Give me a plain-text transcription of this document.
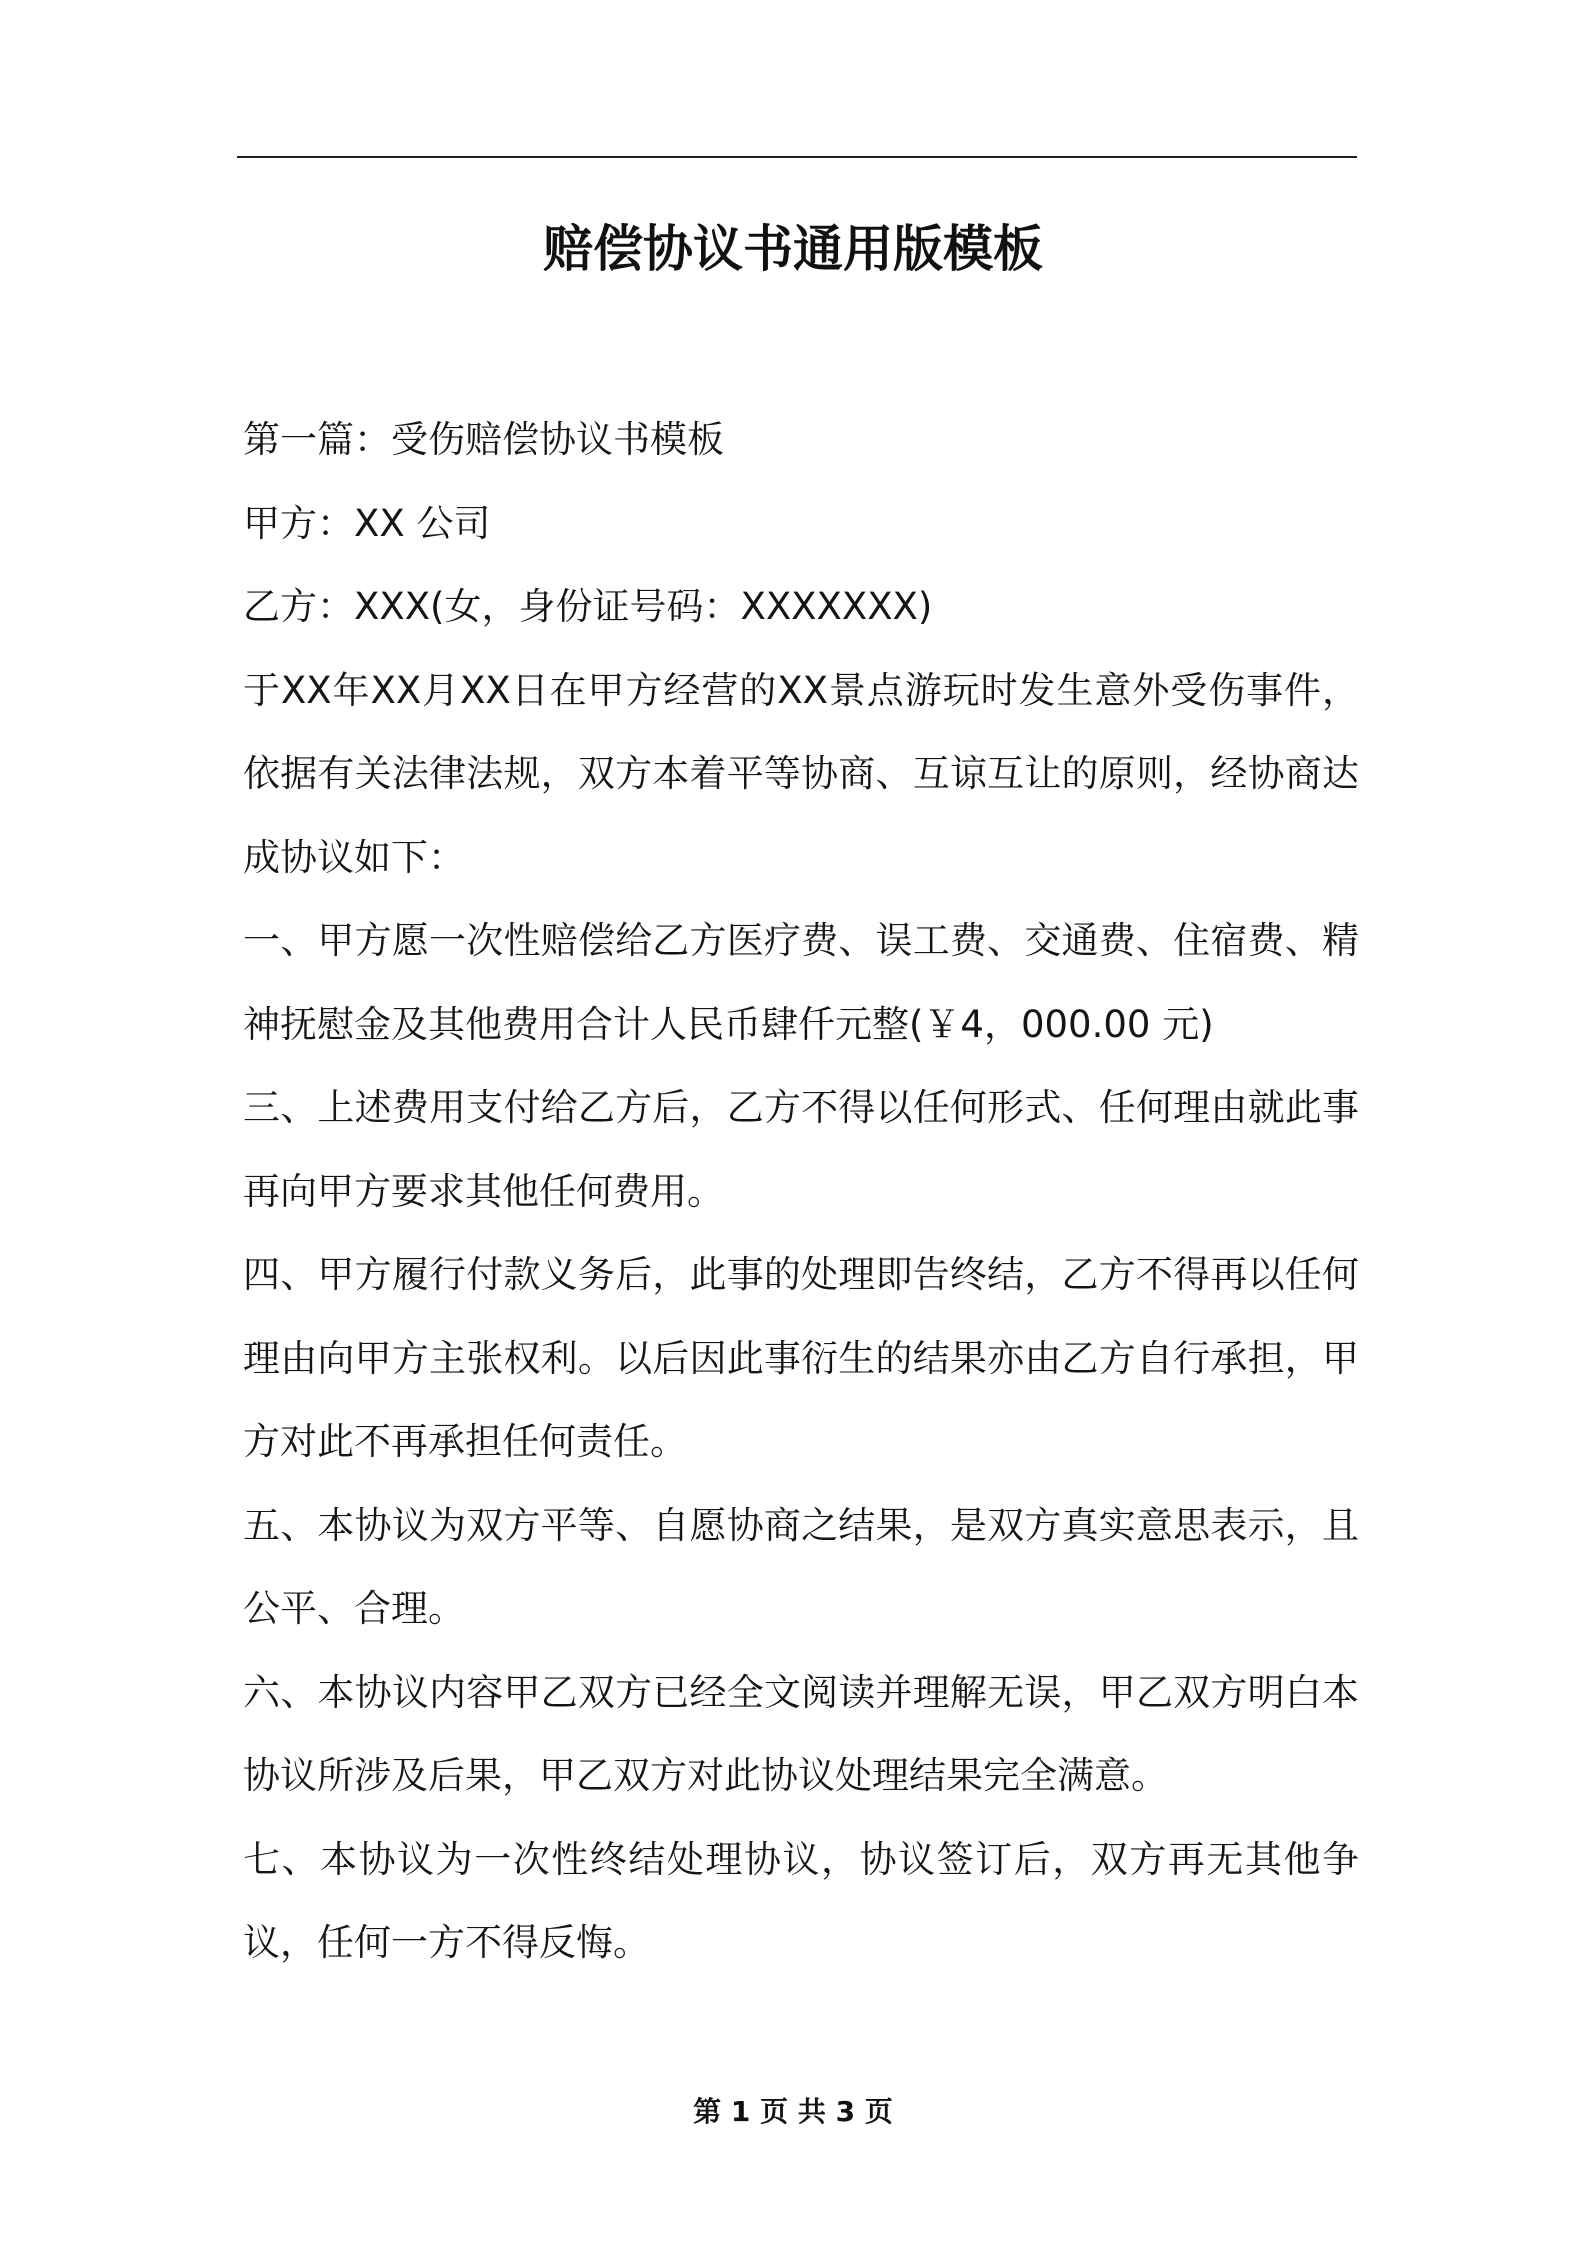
赔偿协议书通用版模板

第一篇：受伤赔偿协议书模板

甲方：XX 公司

乙方：XXX(女，身份证号码：XXXXXXX)

于XX年XX月XX日在甲方经营的XX景点游玩时发生意外受伤事件，依据有关法律法规，双方本着平等协商、互谅互让的原则，经协商达成协议如下：

一、甲方愿一次性赔偿给乙方医疗费、误工费、交通费、住宿费、精神抚慰金及其他费用合计人民币肆仟元整(￥4，000.00 元)

三、上述费用支付给乙方后，乙方不得以任何形式、任何理由就此事再向甲方要求其他任何费用。

四、甲方履行付款义务后，此事的处理即告终结，乙方不得再以任何理由向甲方主张权利。以后因此事衍生的结果亦由乙方自行承担，甲方对此不再承担任何责任。

五、本协议为双方平等、自愿协商之结果，是双方真实意思表示，且公平、合理。

六、本协议内容甲乙双方已经全文阅读并理解无误，甲乙双方明白本协议所涉及后果，甲乙双方对此协议处理结果完全满意。

七、本协议为一次性终结处理协议，协议签订后，双方再无其他争议，任何一方不得反悔。

第 1 页 共 3 页
